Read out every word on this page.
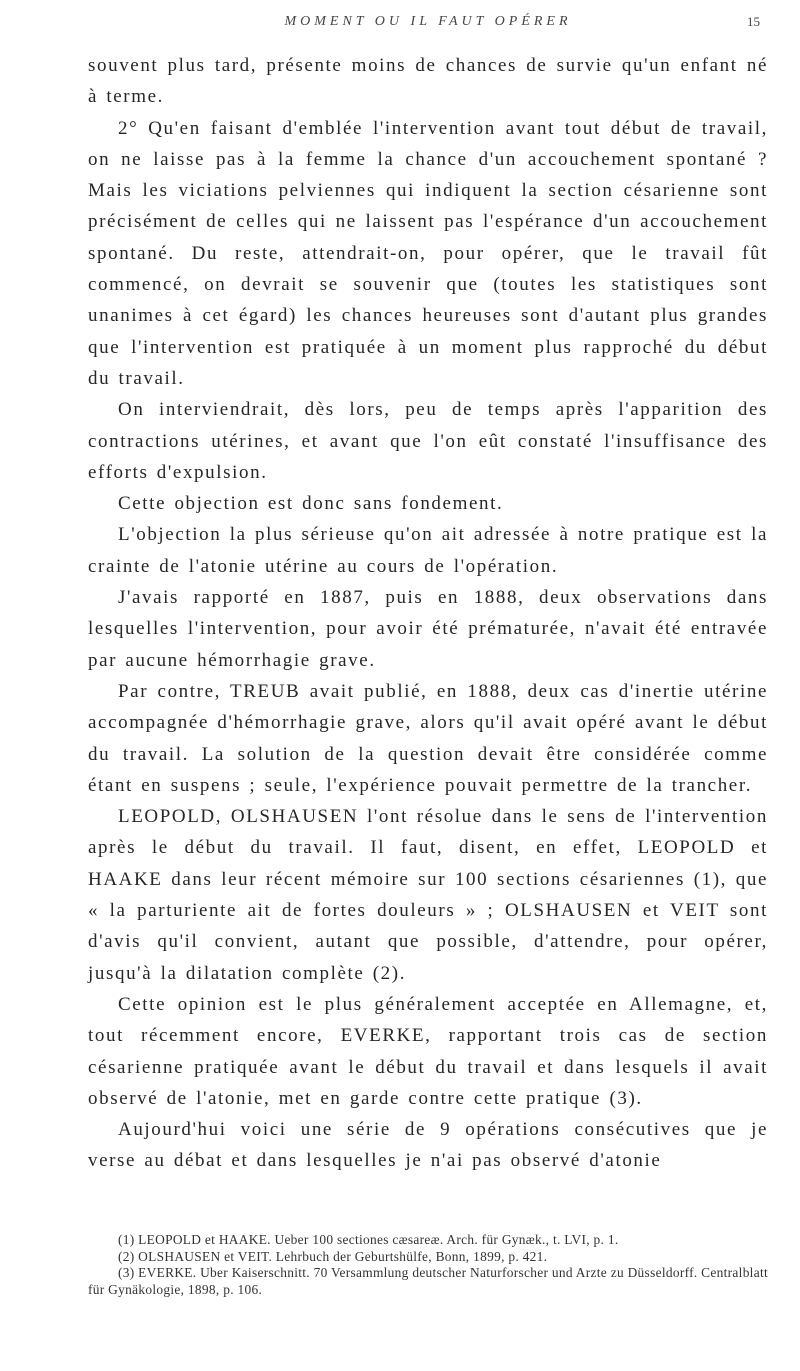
MOMENT OU IL FAUT OPÉRER	15

souvent plus tard, présente moins de chances de survie qu'un enfant né à terme.

2° Qu'en faisant d'emblée l'intervention avant tout début de travail, on ne laisse pas à la femme la chance d'un accouchement spontané ? Mais les viciations pelviennes qui indiquent la section césarienne sont précisément de celles qui ne laissent pas l'espérance d'un accouchement spontané. Du reste, attendrait-on, pour opérer, que le travail fût commencé, on devrait se souvenir que (toutes les statistiques sont unanimes à cet égard) les chances heureuses sont d'autant plus grandes que l'intervention est pratiquée à un moment plus rapproché du début du travail.

On interviendrait, dès lors, peu de temps après l'apparition des contractions utérines, et avant que l'on eût constaté l'insuffisance des efforts d'expulsion.

Cette objection est donc sans fondement.

L'objection la plus sérieuse qu'on ait adressée à notre pratique est la crainte de l'atonie utérine au cours de l'opération.

J'avais rapporté en 1887, puis en 1888, deux observations dans lesquelles l'intervention, pour avoir été prématurée, n'avait été entravée par aucune hémorrhagie grave.

Par contre, TREUB avait publié, en 1888, deux cas d'inertie utérine accompagnée d'hémorrhagie grave, alors qu'il avait opéré avant le début du travail. La solution de la question devait être considérée comme étant en suspens ; seule, l'expérience pouvait permettre de la trancher.

LEOPOLD, OLSHAUSEN l'ont résolue dans le sens de l'intervention après le début du travail. Il faut, disent, en effet, LEOPOLD et HAAKE dans leur récent mémoire sur 100 sections césariennes (1), que « la parturiente ait de fortes douleurs » ; OLSHAUSEN et VEIT sont d'avis qu'il convient, autant que possible, d'attendre, pour opérer, jusqu'à la dilatation complète (2).

Cette opinion est le plus généralement acceptée en Allemagne, et, tout récemment encore, EVERKE, rapportant trois cas de section césarienne pratiquée avant le début du travail et dans lesquels il avait observé de l'atonie, met en garde contre cette pratique (3).

Aujourd'hui voici une série de 9 opérations consécutives que je verse au débat et dans lesquelles je n'ai pas observé d'atonie

(1) LEOPOLD et HAAKE. Ueber 100 sectiones cæsareæ. Arch. für Gynæk., t. LVI, p. 1.

(2) OLSHAUSEN et VEIT. Lehrbuch der Geburtshülfe, Bonn, 1899, p. 421.

(3) EVERKE. Uber Kaiserschnitt. 70 Versammlung deutscher Naturforscher und Arzte zu Düsseldorff. Centralblatt für Gynäkologie, 1898, p. 106.
